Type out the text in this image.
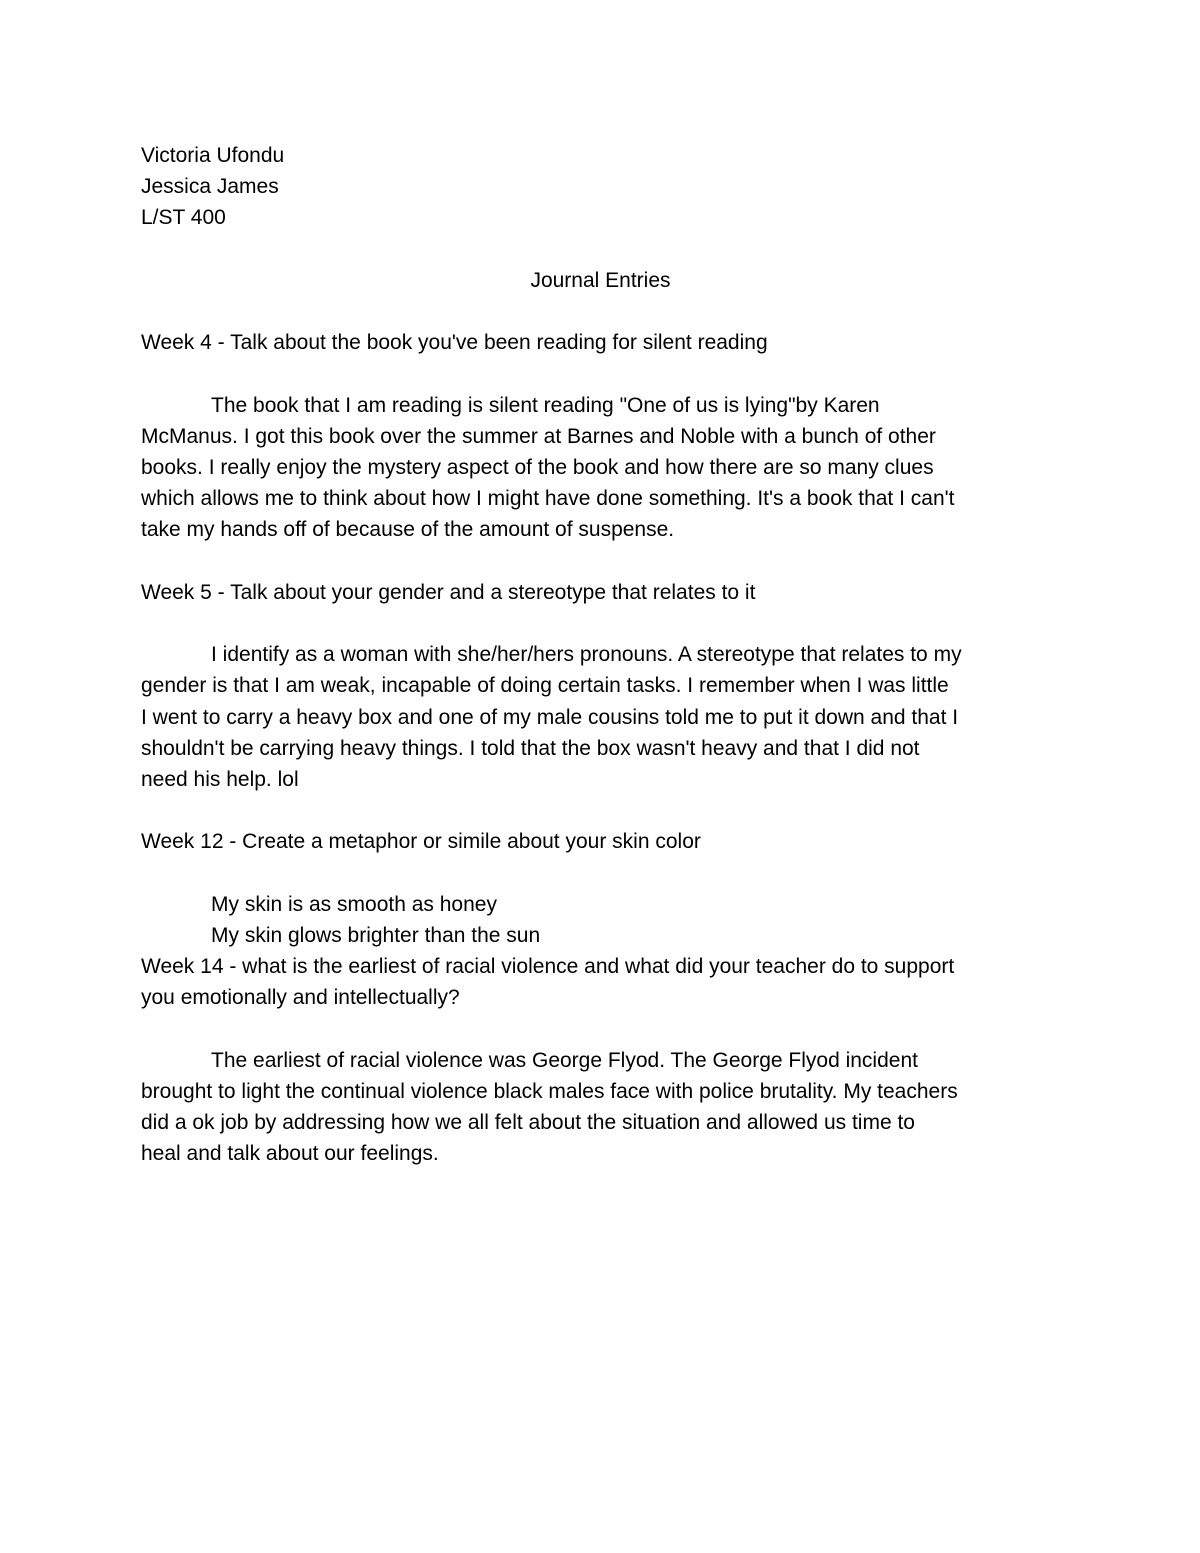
Victoria Ufondu

Jessica James

L/ST 400

Journal Entries

Week 4 - Talk about the book you've been reading for silent reading

The book that I am reading is silent reading "One of us is lying"by Karen
McManus. I got this book over the summer at Barnes and Noble with a bunch of other
books. I really enjoy the mystery aspect of the book and how there are so many clues
which allows me to think about how I might have done something. It's a book that I can't
take my hands off of because of the amount of suspense.

Week 5 - Talk about your gender and a stereotype that relates to it

I identify as a woman with she/her/hers pronouns. A stereotype that relates to my
gender is that I am weak, incapable of doing certain tasks. I remember when I was little
I went to carry a heavy box and one of my male cousins told me to put it down and that I
shouldn't be carrying heavy things. I told that the box wasn't heavy and that I did not
need his help. lol

Week 12 - Create a metaphor or simile about your skin color

My skin is as smooth as honey

My skin glows brighter than the sun

Week 14 - what is the earliest of racial violence and what did your teacher do to support

you emotionally and intellectually?

The earliest of racial violence was George Flyod. The George Flyod incident
brought to light the continual violence black males face with police brutality. My teachers
did a ok job by addressing how we all felt about the situation and allowed us time to
heal and talk about our feelings.
